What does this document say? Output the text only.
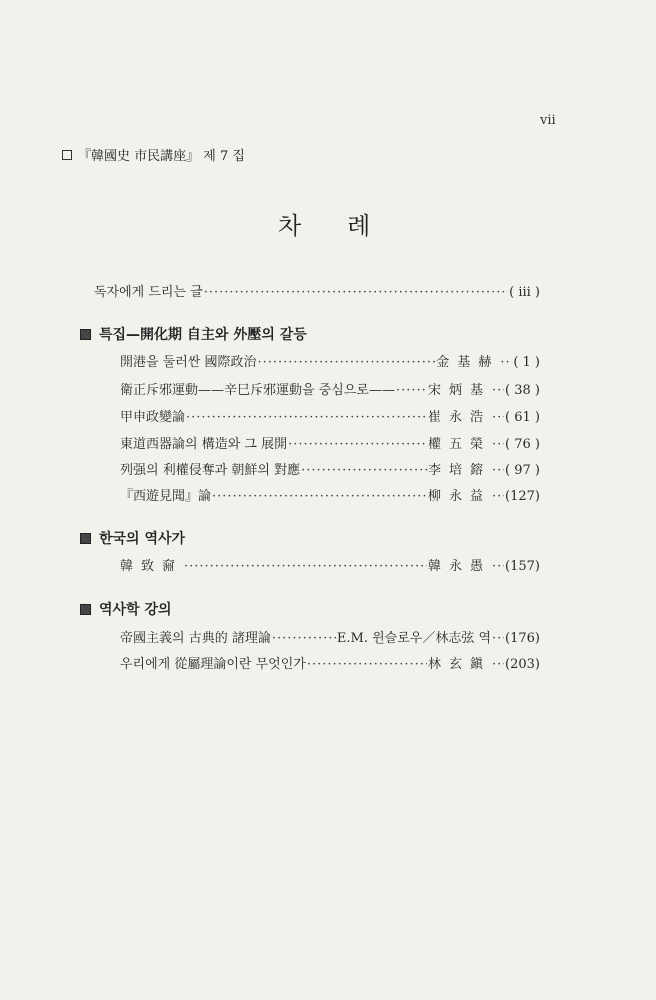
vii
『韓國史 市民講座』 제 7 집
차례
독자에게 드리는 글 ·····	( iii )
특집—開化期 自主와 外壓의 갈등
開港을 둘러싼 國際政治 ·····	金基赫 ····· ( 1 )
衛正斥邪運動——辛巳斥邪運動을 중심으로—— ·····	宋炳基 ····· ( 38 )
甲申政變論 ·····	崔永浩 ····· ( 61 )
東道西器論의 構造와 그 展開 ·····	權五榮 ····· ( 76 )
列强의 利權侵奪과 朝鮮의 對應 ·····	李培鎔 ····· ( 97 )
『西遊見聞』論 ·····	柳永益 ····· (127)
한국의 역사가
韓致奫 ·····	韓永愚 ····· (157)
역사학 강의
帝國主義의 古典的 諸理論 ·····	E.M. 윈슬로우／林志弦 역 ····· (176)
우리에게 從屬理論이란 무엇인가 ·····	林玄鎭 ····· (203)
